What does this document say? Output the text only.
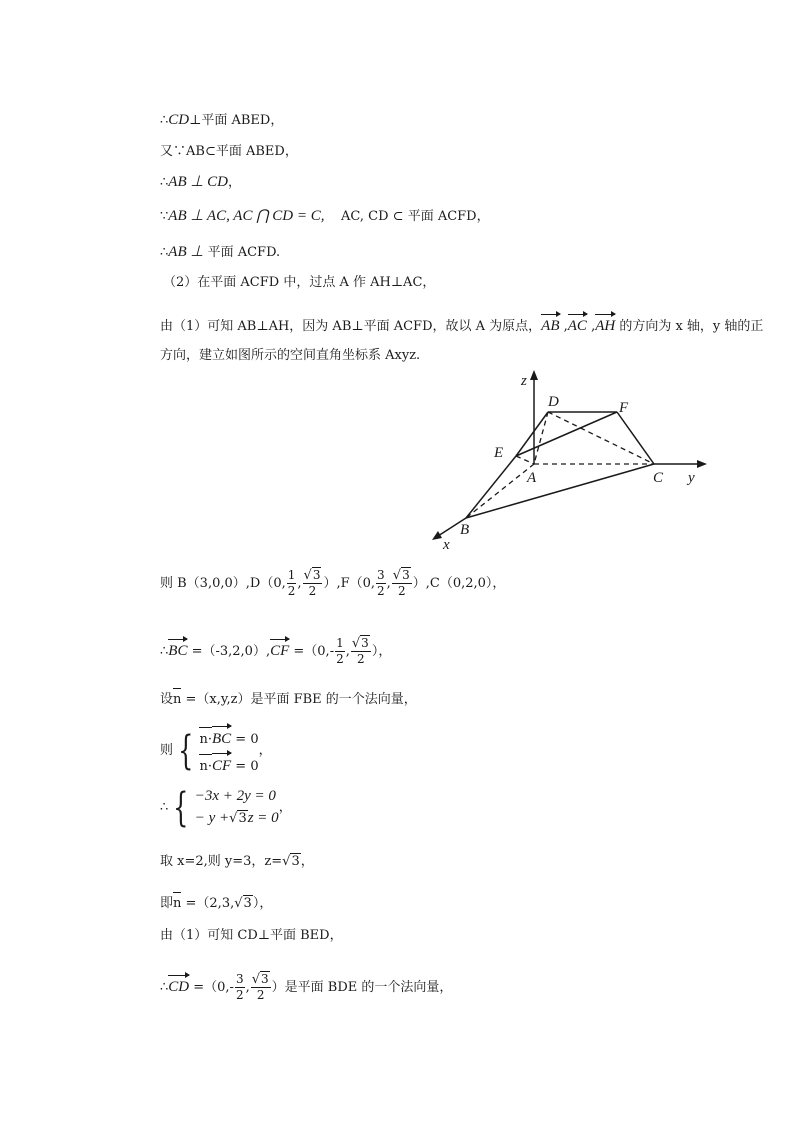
∴CD⊥平面 ABED，
又∵AB⊂平面 ABED，
∴AB ⊥ CD，
∵AB ⊥ AC, AC ⋂ CD = C, AC, CD ⊂ 平面 ACFD，
∴AB ⊥ 平面 ACFD.
（2）在平面 ACFD 中，过点 A 作 AH⊥AC，
由（1）可知 AB⊥AH，因为 AB⊥平面 ACFD，故以 A 为原点，AB ,AC ,AH 的方向为 x 轴，y 轴的正
方向，建立如图所示的空间直角坐标系 Axyz.
z
y
x
D	F
E
A	C
B
则 B（3,0,0）,D（0, $\frac{1}{2}$ , $\frac{√3}{2} ),F(0$, $\frac{3}{2}$ , $\frac{√3}{2} ),C(0,2,0)$，
∴BC $=(-3,2,0),CF =(0,- \frac{1}{2}$ , $\frac{√3}{2}$ ），
设n =（x,y,z）是平面 FBE 的一个法向量，
则 { n·BC = 0
n·CF = 0
，
∴ { −3x + 2y = 0
− y +√3z = 0
，
取 x=2,则 y=3，z=√3，
即n =（2,3,√3），
由（1）可知 CD⊥平面 BED，
∴CD $=(0,- \frac{3}{2}$ , $\frac{√3}{2}$ ）是平面 BDE 的一个法向量，
